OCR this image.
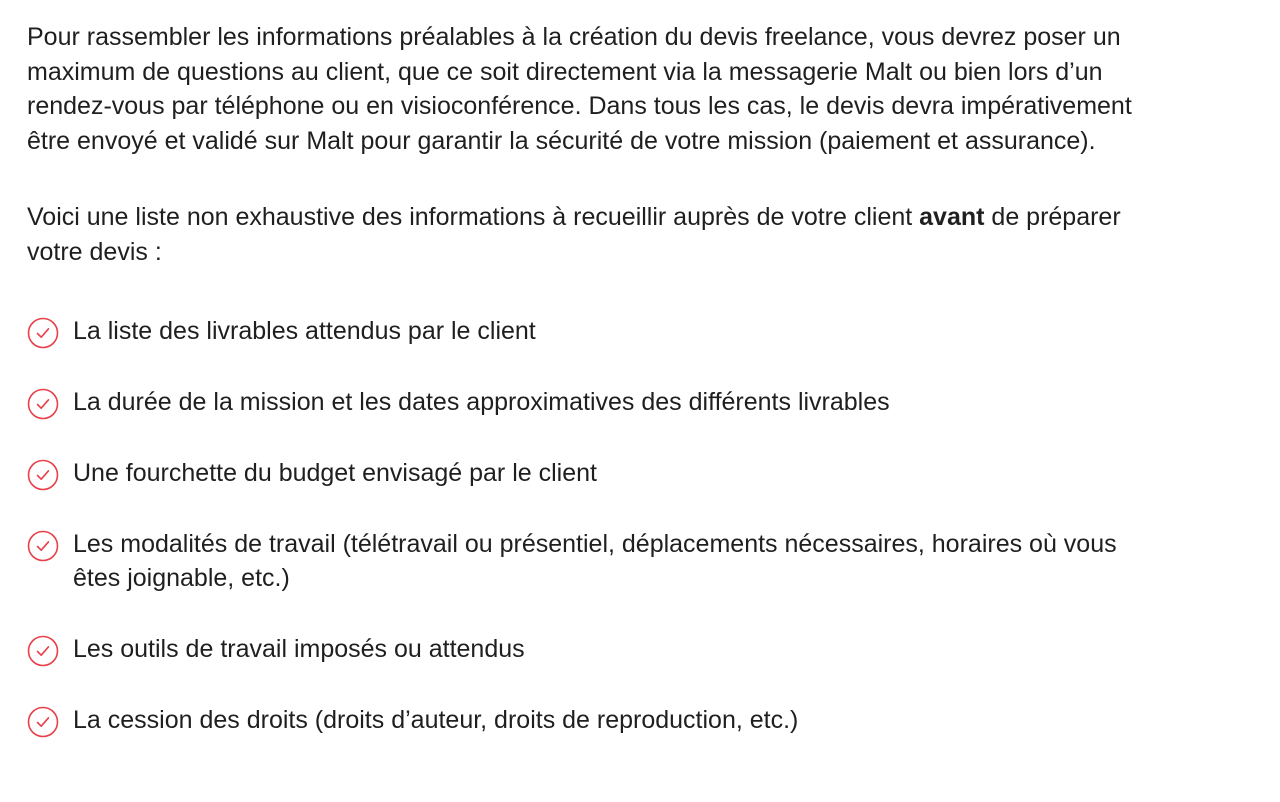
Pour rassembler les informations préalables à la création du devis freelance, vous devrez poser un maximum de questions au client, que ce soit directement via la messagerie Malt ou bien lors d’un rendez-vous par téléphone ou en visioconférence. Dans tous les cas, le devis devra impérativement être envoyé et validé sur Malt pour garantir la sécurité de votre mission (paiement et assurance).

Voici une liste non exhaustive des informations à recueillir auprès de votre client avant de préparer votre devis :

La liste des livrables attendus par le client
La durée de la mission et les dates approximatives des différents livrables
Une fourchette du budget envisagé par le client
Les modalités de travail (télétravail ou présentiel, déplacements nécessaires, horaires où vous êtes joignable, etc.)
Les outils de travail imposés ou attendus
La cession des droits (droits d’auteur, droits de reproduction, etc.)
